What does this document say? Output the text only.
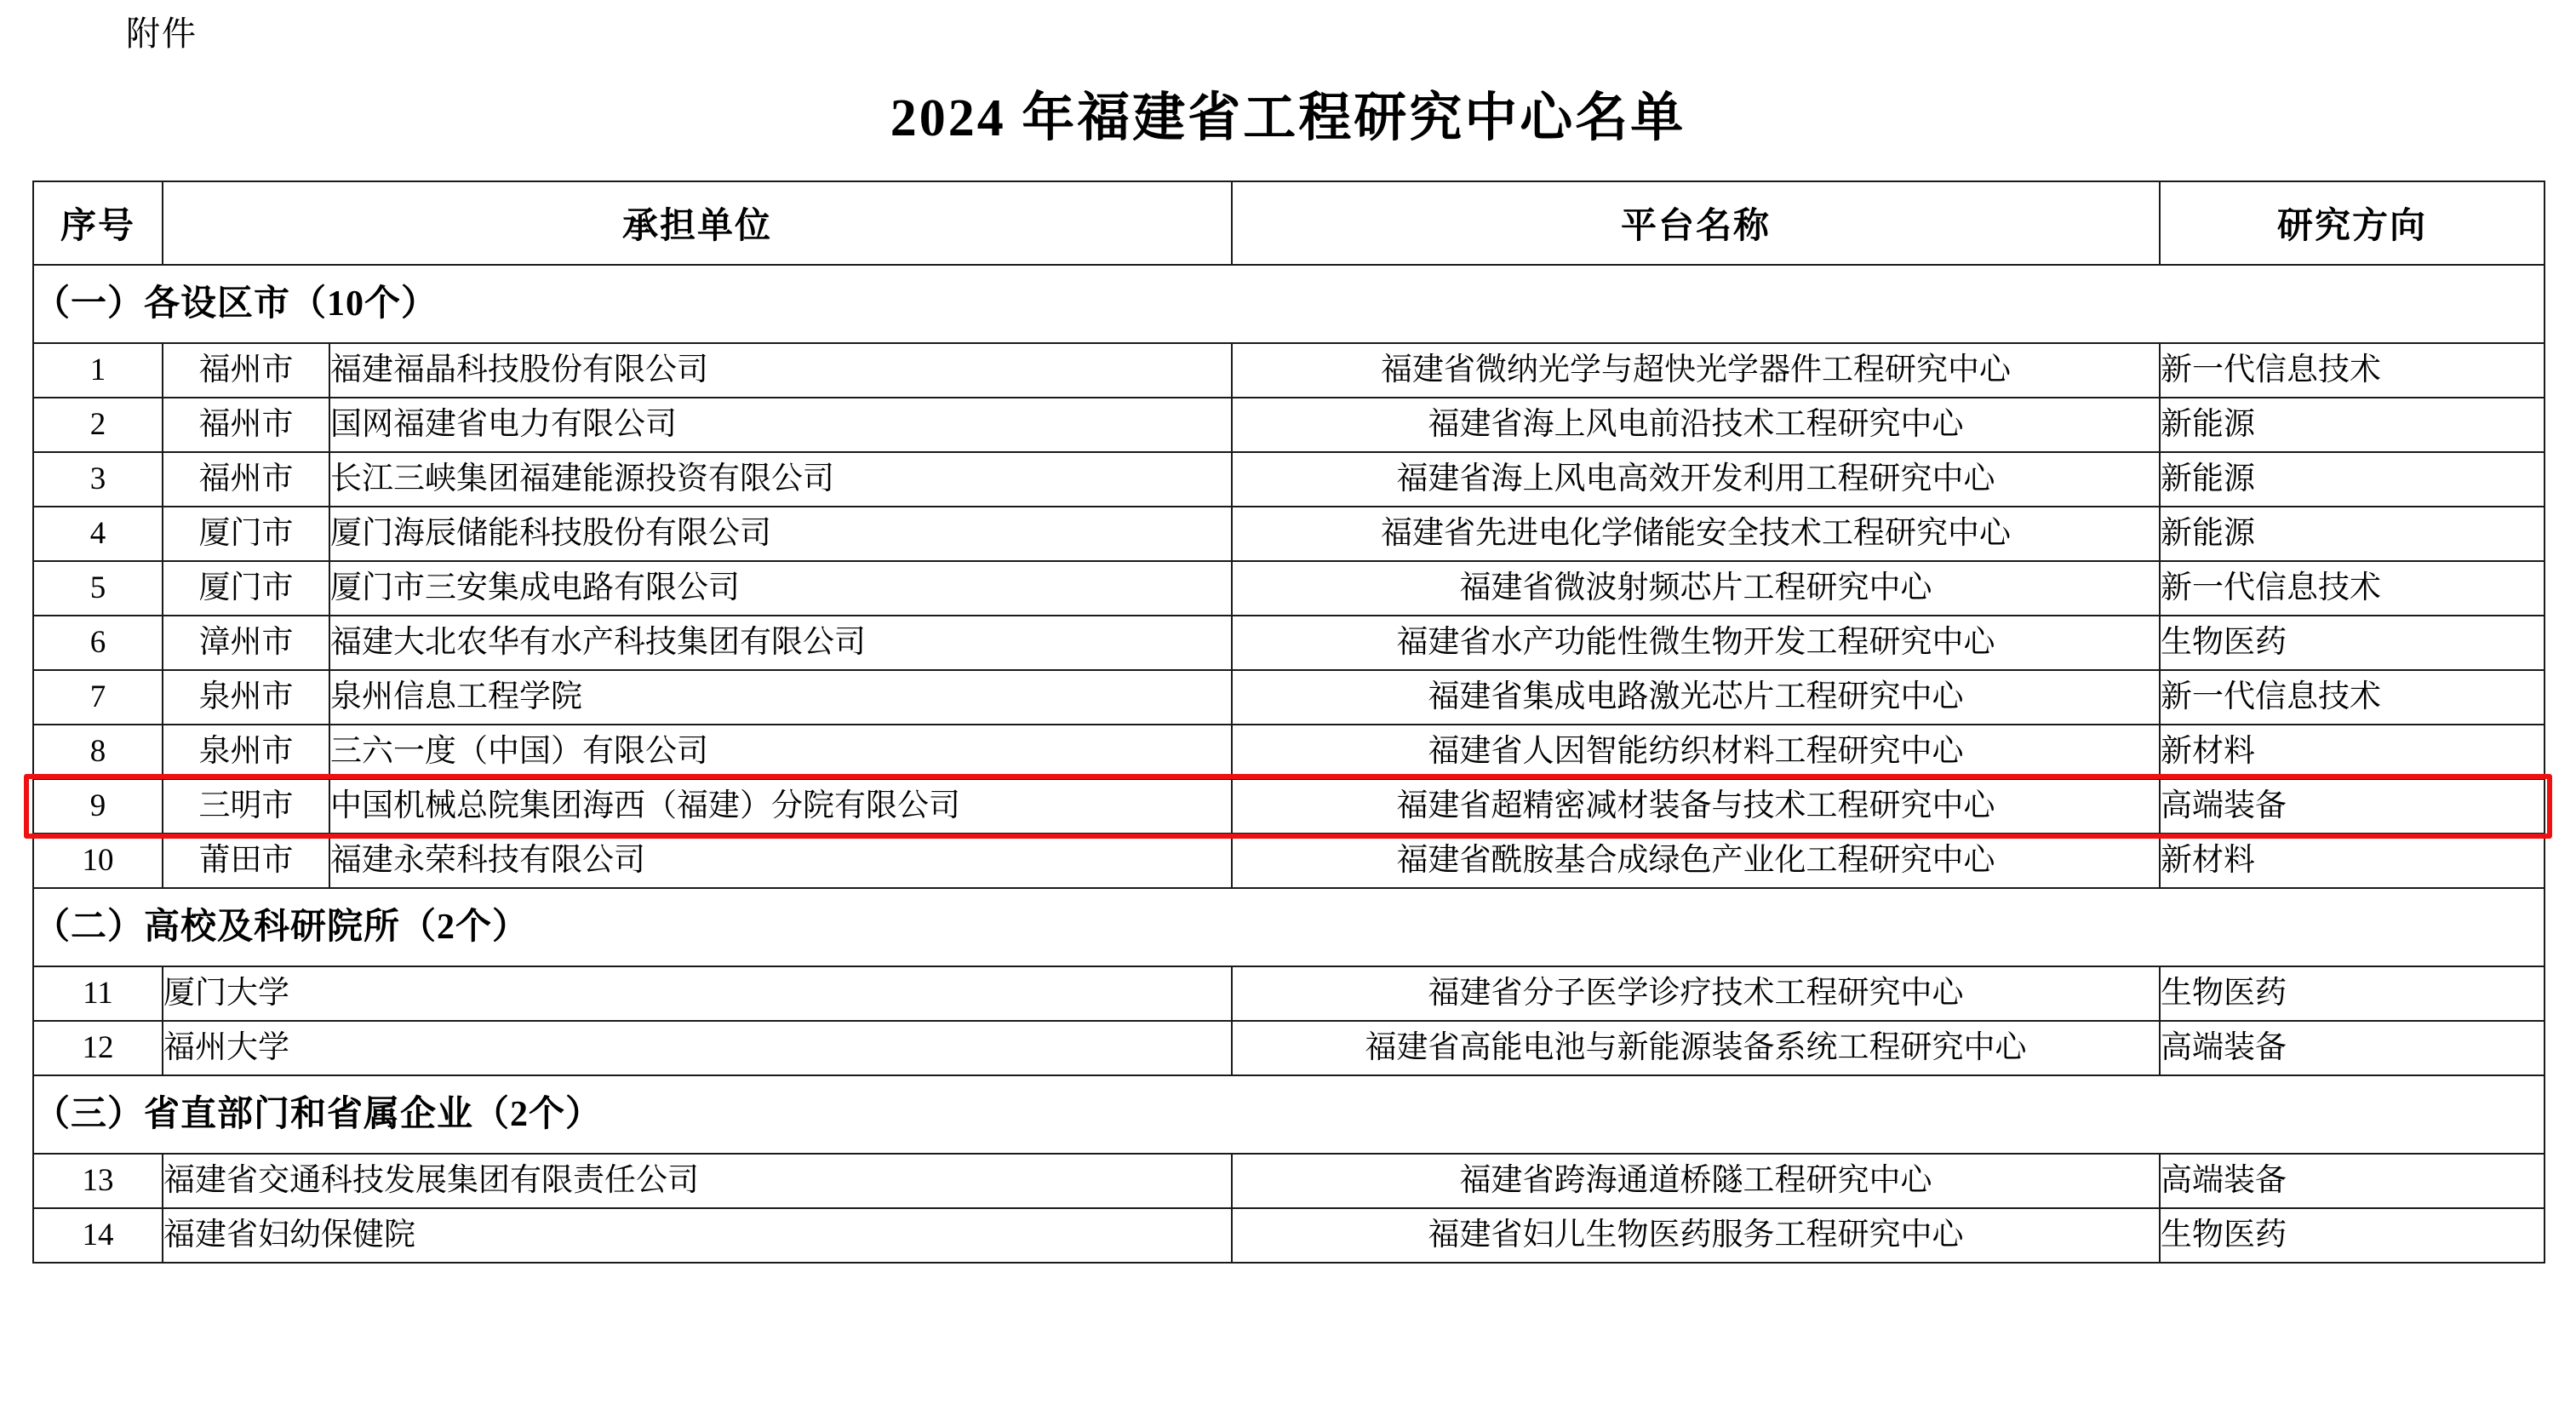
附件
2024 年福建省工程研究中心名单
序号	承担单位		平台名称	研究方向
（一）各设区市（10个）				
1	福州市	福建福晶科技股份有限公司	福建省微纳光学与超快光学器件工程研究中心	新一代信息技术
2	福州市	国网福建省电力有限公司	福建省海上风电前沿技术工程研究中心	新能源
3	福州市	长江三峡集团福建能源投资有限公司	福建省海上风电高效开发利用工程研究中心	新能源
4	厦门市	厦门海辰储能科技股份有限公司	福建省先进电化学储能安全技术工程研究中心	新能源
5	厦门市	厦门市三安集成电路有限公司	福建省微波射频芯片工程研究中心	新一代信息技术
6	漳州市	福建大北农华有水产科技集团有限公司	福建省水产功能性微生物开发工程研究中心	生物医药
7	泉州市	泉州信息工程学院	福建省集成电路激光芯片工程研究中心	新一代信息技术
8	泉州市	三六一度（中国）有限公司	福建省人因智能纺织材料工程研究中心	新材料
9	三明市	中国机械总院集团海西（福建）分院有限公司	福建省超精密减材装备与技术工程研究中心	高端装备
10	莆田市	福建永荣科技有限公司	福建省酰胺基合成绿色产业化工程研究中心	新材料
（二）高校及科研院所（2个）				
11	厦门大学		福建省分子医学诊疗技术工程研究中心	生物医药
12	福州大学		福建省高能电池与新能源装备系统工程研究中心	高端装备
（三）省直部门和省属企业（2个）				
13	福建省交通科技发展集团有限责任公司		福建省跨海通道桥隧工程研究中心	高端装备
14	福建省妇幼保健院		福建省妇儿生物医药服务工程研究中心	生物医药
